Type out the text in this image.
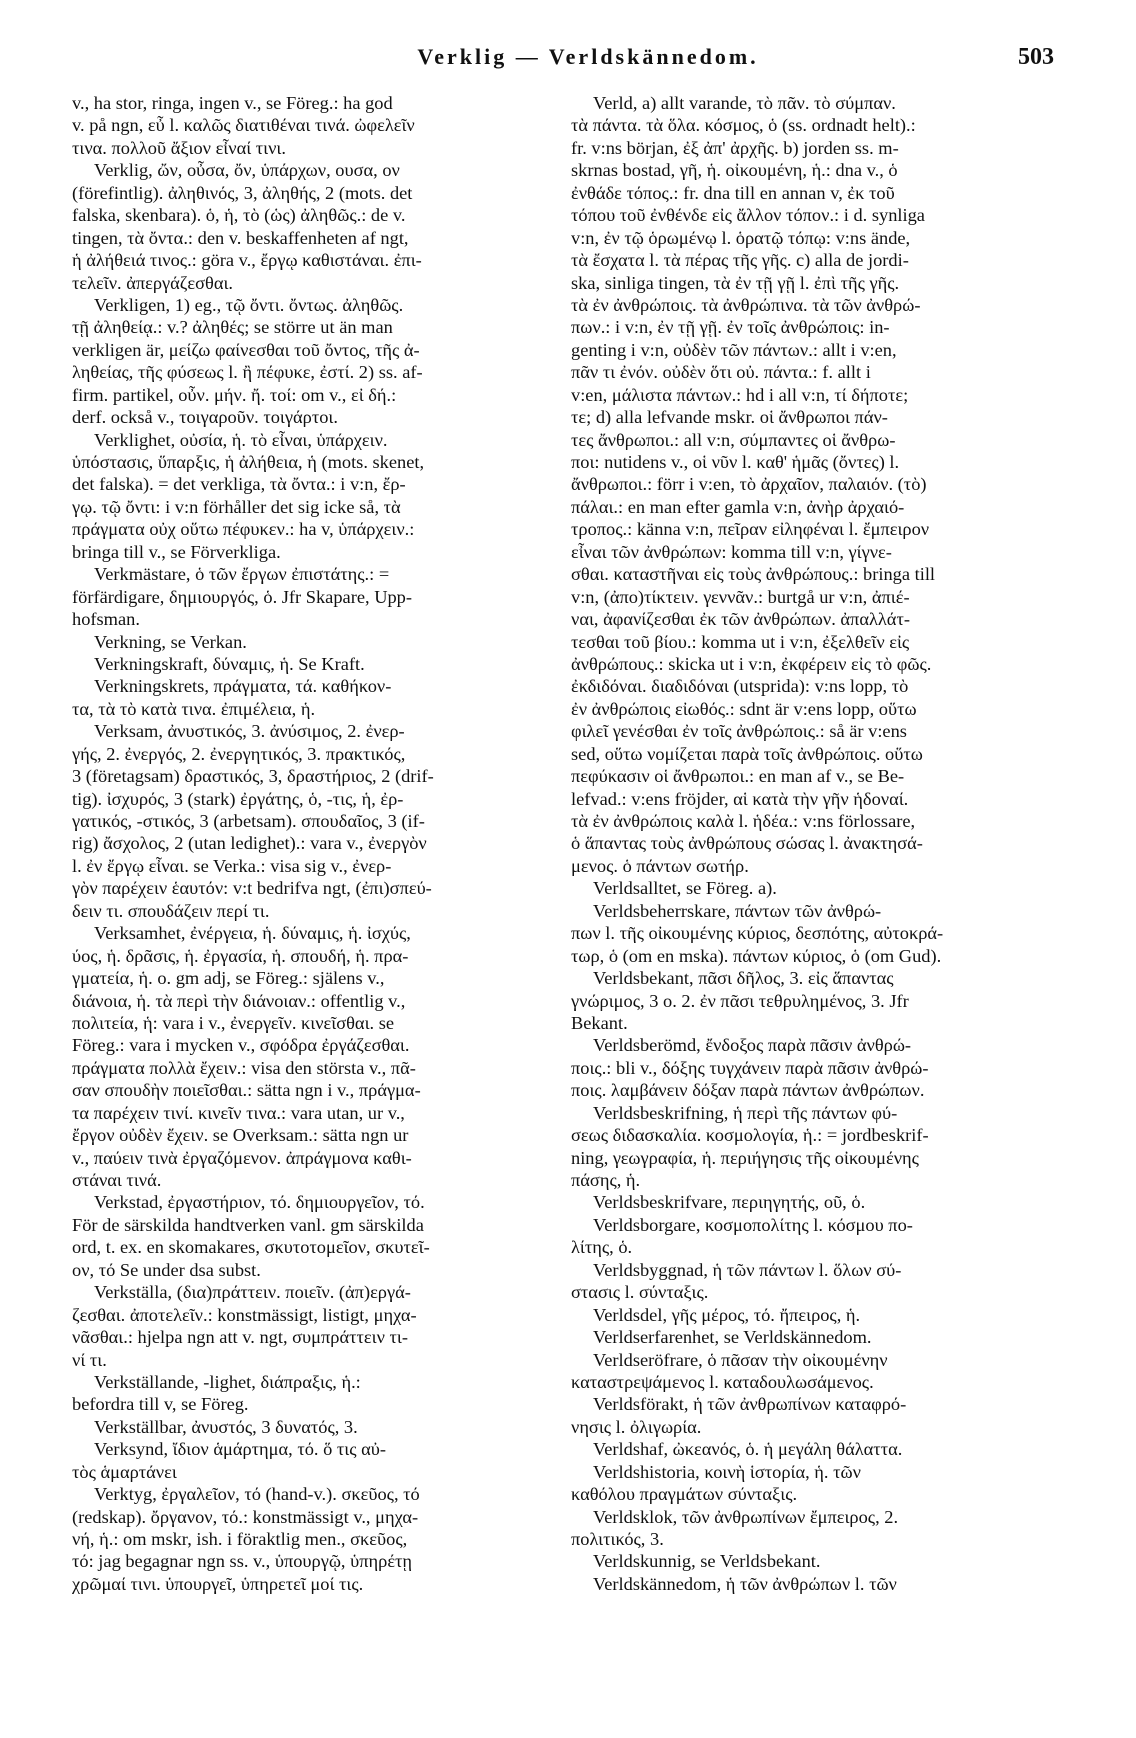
Verklig — Verldskännedom.	503
v., ha stor, ringa, ingen v., se Föreg.: ha god
v. på ngn, εὖ l. καλῶς διατιθέναι τινά. ὠφελεῖν
τινα. πολλοῦ ἄξιον εἶναί τινι.
Verklig, ὤν, οὖσα, ὄν, ὑπάρχων, ουσα, ον
(förefintlig). ἀληθινός, 3, ἀληθής, 2 (mots. det
falska, skenbara). ὁ, ἡ, τὸ (ὡς) ἀληθῶς.: de v.
tingen, τὰ ὄντα.: den v. beskaffenheten af ngt,
ἡ ἀλήθειά τινος.: göra v., ἔργῳ καθιστάναι. ἐπι-
τελεῖν. ἀπεργάζεσθαι.
Verkligen, 1) eg., τῷ ὄντι. ὄντως. ἀληθῶς.
τῇ ἀληθείᾳ.: v.? ἀληθές; se större ut än man
verkligen är, μείζω φαίνεσθαι τοῦ ὄντος, τῆς ἀ-
ληθείας, τῆς φύσεως l. ἢ πέφυκε, ἐστί. 2) ss. af-
firm. partikel, οὖν. μήν. ἤ. τοί: om v., εἰ δή.:
derf. också v., τοιγαροῦν. τοιγάρτοι.
Verklighet, οὐσία, ἡ. τὸ εἶναι, ὑπάρχειν.
ὑπόστασις, ὕπαρξις, ἡ ἀλήθεια, ἡ (mots. skenet,
det falska). = det verkliga, τὰ ὄντα.: i v:n, ἔρ-
γῳ. τῷ ὄντι: i v:n förhåller det sig icke så, τὰ
πράγματα οὐχ οὕτω πέφυκεν.: ha v, ὑπάρχειν.:
bringa till v., se Förverkliga.
Verkmästare, ὁ τῶν ἔργων ἐπιστάτης.: =
förfärdigare, δημιουργός, ὁ. Jfr Skapare, Upp-
hofsman.
Verkning, se Verkan.
Verkningskraft, δύναμις, ἡ. Se Kraft.
Verkningskrets, πράγματα, τά. καθήκον-
τα, τὰ τὸ κατὰ τινα. ἐπιμέλεια, ἡ.
Verksam, ἀνυστικός, 3. ἀνύσιμος, 2. ἐνερ-
γής, 2. ἐνεργός, 2. ἐνεργητικός, 3. πρακτικός,
3 (företagsam) δραστικός, 3, δραστήριος, 2 (drif-
tig). ἰσχυρός, 3 (stark) ἐργάτης, ὁ, -τις, ἡ, ἐρ-
γατικός, -στικός, 3 (arbetsam). σπουδαῖος, 3 (if-
rig) ἄσχολος, 2 (utan ledighet).: vara v., ἐνεργὸν
l. ἐν ἔργῳ εἶναι. se Verka.: visa sig v., ἐνερ-
γὸν παρέχειν ἑαυτόν: v:t bedrifva ngt, (ἐπι)σπεύ-
δειν τι. σπουδάζειν περί τι.
Verksamhet, ἐνέργεια, ἡ. δύναμις, ἡ. ἰσχύς,
ύος, ἡ. δρᾶσις, ἡ. ἐργασία, ἡ. σπουδή, ἡ. πρα-
γματεία, ἡ. o. gm adj, se Föreg.: själens v.,
διάνοια, ἡ. τὰ περὶ τὴν διάνοιαν.: offentlig v.,
πολιτεία, ἡ: vara i v., ἐνεργεῖν. κινεῖσθαι. se
Föreg.: vara i mycken v., σφόδρα ἐργάζεσθαι.
πράγματα πολλὰ ἔχειν.: visa den största v., πᾶ-
σαν σπουδὴν ποιεῖσθαι.: sätta ngn i v., πράγμα-
τα παρέχειν τινί. κινεῖν τινα.: vara utan, ur v.,
ἔργον οὐδὲν ἔχειν. se Overksam.: sätta ngn ur
v., παύειν τινὰ ἐργαζόμενον. ἀπράγμονα καθι-
στάναι τινά.
Verkstad, ἐργαστήριον, τό. δημιουργεῖον, τό.
För de särskilda handtverken vanl. gm särskilda
ord, t. ex. en skomakares, σκυτοτομεῖον, σκυτεῖ-
ον, τό Se under dsa subst.
Verkställa, (δια)πράττειν. ποιεῖν. (ἀπ)εργά-
ζεσθαι. ἀποτελεῖν.: konstmässigt, listigt, μηχα-
νᾶσθαι.: hjelpa ngn att v. ngt, συμπράττειν τι-
νί τι.
Verkställande, -lighet, διάπραξις, ἡ.:
befordra till v, se Föreg.
Verkställbar, ἀνυστός, 3 δυνατός, 3.
Verksynd, ἴδιον ἁμάρτημα, τό. ὅ τις αὐ-
τὸς ἁμαρτάνει
Verktyg, ἐργαλεῖον, τό (hand-v.). σκεῦος, τό
(redskap). ὄργανον, τό.: konstmässigt v., μηχα-
νή, ἡ.: om mskr, ish. i föraktlig men., σκεῦος,
τό: jag begagnar ngn ss. v., ὑπουργῷ, ὑπηρέτῃ
χρῶμαί τινι. ὑπουργεῖ, ὑπηρετεῖ μοί τις.
Verld, a) allt varande, τὸ πᾶν. τὸ σύμπαν.
τὰ πάντα. τὰ ὅλα. κόσμος, ὁ (ss. ordnadt helt).:
fr. v:ns början, ἐξ ἀπ' ἀρχῆς. b) jorden ss. m-
skrnas bostad, γῆ, ἡ. οἰκουμένη, ἡ.: dna v., ὁ
ἐνθάδε τόπος.: fr. dna till en annan v, ἐκ τοῦ
τόπου τοῦ ἐνθένδε εἰς ἄλλον τόπον.: i d. synliga
v:n, ἐν τῷ ὁρωμένῳ l. ὁρατῷ τόπῳ: v:ns ände,
τὰ ἔσχατα l. τὰ πέρας τῆς γῆς. c) alla de jordi-
ska, sinliga tingen, τὰ ἐν τῇ γῇ l. ἐπὶ τῆς γῆς.
τὰ ἐν ἀνθρώποις. τὰ ἀνθρώπινα. τὰ τῶν ἀνθρώ-
πων.: i v:n, ἐν τῇ γῇ. ἐν τοῖς ἀνθρώποις: in-
genting i v:n, οὐδὲν τῶν πάντων.: allt i v:en,
πᾶν τι ἐνόν. οὐδὲν ὅτι οὐ. πάντα.: f. allt i
v:en, μάλιστα πάντων.: hd i all v:n, τί δήποτε;
τε; d) alla lefvande mskr. οἱ ἄνθρωποι πάν-
τες ἄνθρωποι.: all v:n, σύμπαντες οἱ ἄνθρω-
ποι: nutidens v., οἱ νῦν l. καθ' ἡμᾶς (ὄντες) l.
ἄνθρωποι.: förr i v:en, τὸ ἀρχαῖον, παλαιόν. (τὸ)
πάλαι.: en man efter gamla v:n, ἀνὴρ ἀρχαιό-
τροπος.: känna v:n, πεῖραν εἰληφέναι l. ἔμπειρον
εἶναι τῶν ἀνθρώπων: komma till v:n, γίγνε-
σθαι. καταστῆναι εἰς τοὺς ἀνθρώπους.: bringa till
v:n, (ἀπο)τίκτειν. γεννᾶν.: burtgå ur v:n, ἀπιέ-
ναι, ἀφανίζεσθαι ἐκ τῶν ἀνθρώπων. ἀπαλλάτ-
τεσθαι τοῦ βίου.: komma ut i v:n, ἐξελθεῖν εἰς
ἀνθρώπους.: skicka ut i v:n, ἐκφέρειν εἰς τὸ φῶς.
ἐκδιδόναι. διαδιδόναι (utsprida): v:ns lopp, τὸ
ἐν ἀνθρώποις εἰωθός.: sdnt är v:ens lopp, οὕτω
φιλεῖ γενέσθαι ἐν τοῖς ἀνθρώποις.: så är v:ens
sed, οὕτω νομίζεται παρὰ τοῖς ἀνθρώποις. οὕτω
πεφύκασιν οἱ ἄνθρωποι.: en man af v., se Be-
lefvad.: v:ens fröjder, αἱ κατὰ τὴν γῆν ἡδοναί.
τὰ ἐν ἀνθρώποις καλὰ l. ἡδέα.: v:ns förlossare,
ὁ ἅπαντας τοὺς ἀνθρώπους σώσας l. ἀνακτησά-
μενος. ὁ πάντων σωτήρ.
Verldsalltet, se Föreg. a).
Verldsbeherrskare, πάντων τῶν ἀνθρώ-
πων l. τῆς οἰκουμένης κύριος, δεσπότης, αὐτοκρά-
τωρ, ὁ (om en mska). πάντων κύριος, ὁ (om Gud).
Verldsbekant, πᾶσι δῆλος, 3. εἰς ἅπαντας
γνώριμος, 3 o. 2. ἐν πᾶσι τεθρυλημένος, 3. Jfr
Bekant.
Verldsberömd, ἔνδοξος παρὰ πᾶσιν ἀνθρώ-
ποις.: bli v., δόξης τυγχάνειν παρὰ πᾶσιν ἀνθρώ-
ποις. λαμβάνειν δόξαν παρὰ πάντων ἀνθρώπων.
Verldsbeskrifning, ἡ περὶ τῆς πάντων φύ-
σεως διδασκαλία. κοσμολογία, ἡ.: = jordbeskrif-
ning, γεωγραφία, ἡ. περιήγησις τῆς οἰκουμένης
πάσης, ἡ.
Verldsbeskrifvare, περιηγητής, οῦ, ὁ.
Verldsborgare, κοσμοπολίτης l. κόσμου πο-
λίτης, ὁ.
Verldsbyggnad, ἡ τῶν πάντων l. ὅλων σύ-
στασις l. σύνταξις.
Verldsdel, γῆς μέρος, τό. ἤπειρος, ἡ.
Verldserfarenhet, se Verldskännedom.
Verldseröfrare, ὁ πᾶσαν τὴν οἰκουμένην
καταστρεψάμενος l. καταδουλωσάμενος.
Verldsförakt, ἡ τῶν ἀνθρωπίνων καταφρό-
νησις l. ὀλιγωρία.
Verldshaf, ὠκεανός, ὁ. ἡ μεγάλη θάλαττα.
Verldshistoria, κοινὴ ἱστορία, ἡ. τῶν
καθόλου πραγμάτων σύνταξις.
Verldsklok, τῶν ἀνθρωπίνων ἔμπειρος, 2.
πολιτικός, 3.
Verldskunnig, se Verldsbekant.
Verldskännedom, ἡ τῶν ἀνθρώπων l. τῶν
